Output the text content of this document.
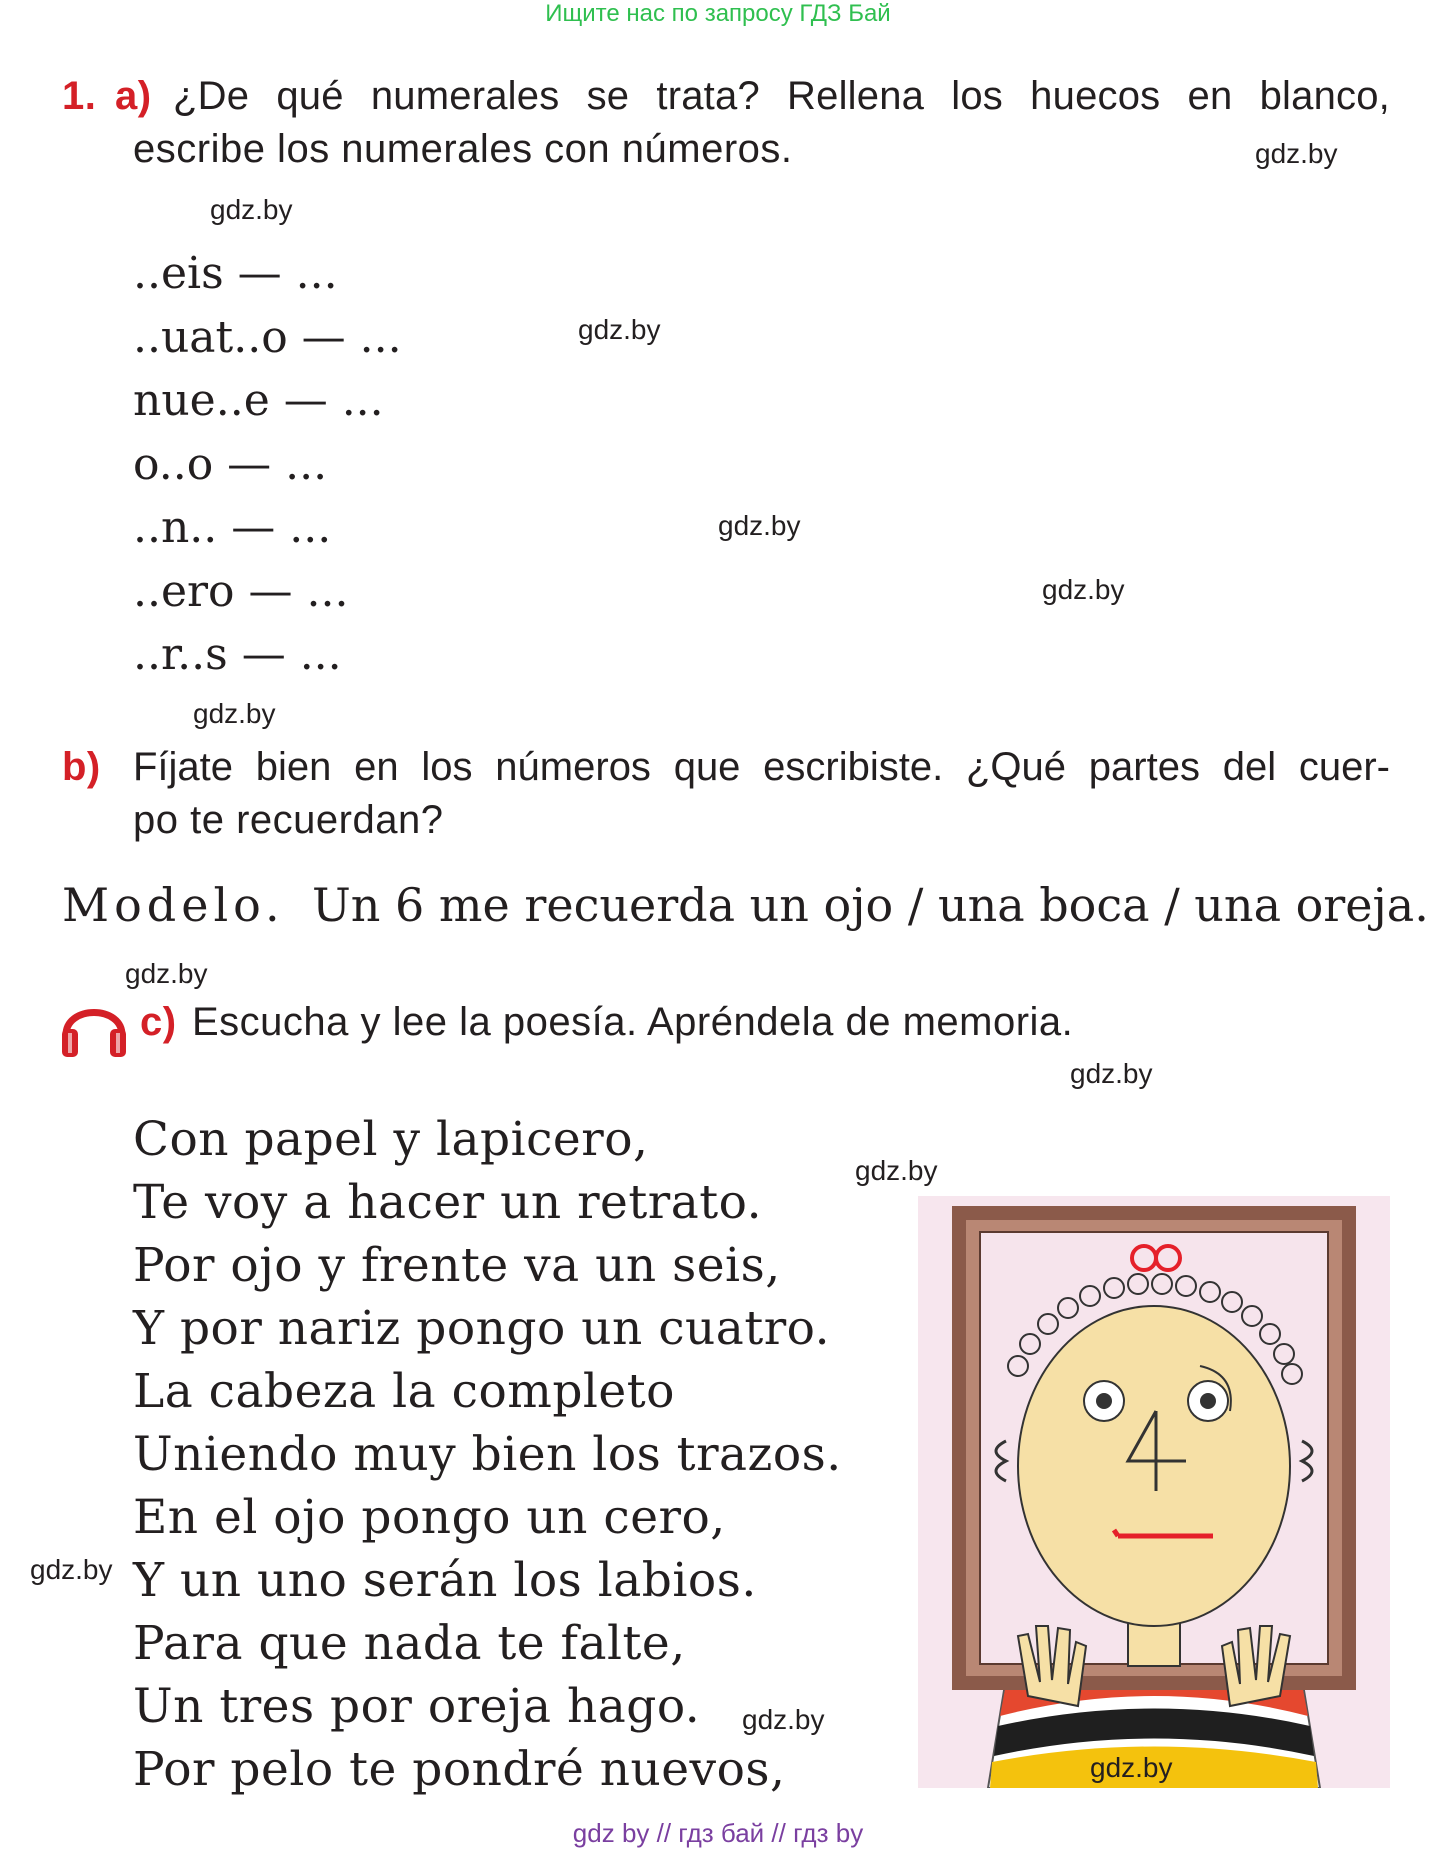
Ищите нас по запросу ГДЗ Бай
1. a) ¿De qué numerales se trata? Rellena los huecos en blanco,
escribe los numerales con números.	gdz.by
gdz.by
..eis — ...
..uat..o — ...
nue..e — ...
o..o — ...
..n.. — ...
..ero — ...
..r..s — ...
gdz.by
gdz.by
gdz.by
gdz.by
b) Fíjate bien en los números que escribiste. ¿Qué partes del cuer-
po te recuerdan?
Modelo. Un 6 me recuerda un ojo / una boca / una oreja.
gdz.by
c) Escucha y lee la poesía. Apréndela de memoria.
gdz.by
gdz.by
Con papel y lapicero,
Te voy a hacer un retrato.
Por ojo y frente va un seis,
Y por nariz pongo un cuatro.
La cabeza la completo
Uniendo muy bien los trazos.
En el ojo pongo un cero,
Y un uno serán los labios.
Para que nada te falte,
Un tres por oreja hago.
Por pelo te pondré nuevos,
gdz.by
gdz.by
gdz.by
gdz by // гдз бай // гдз by
